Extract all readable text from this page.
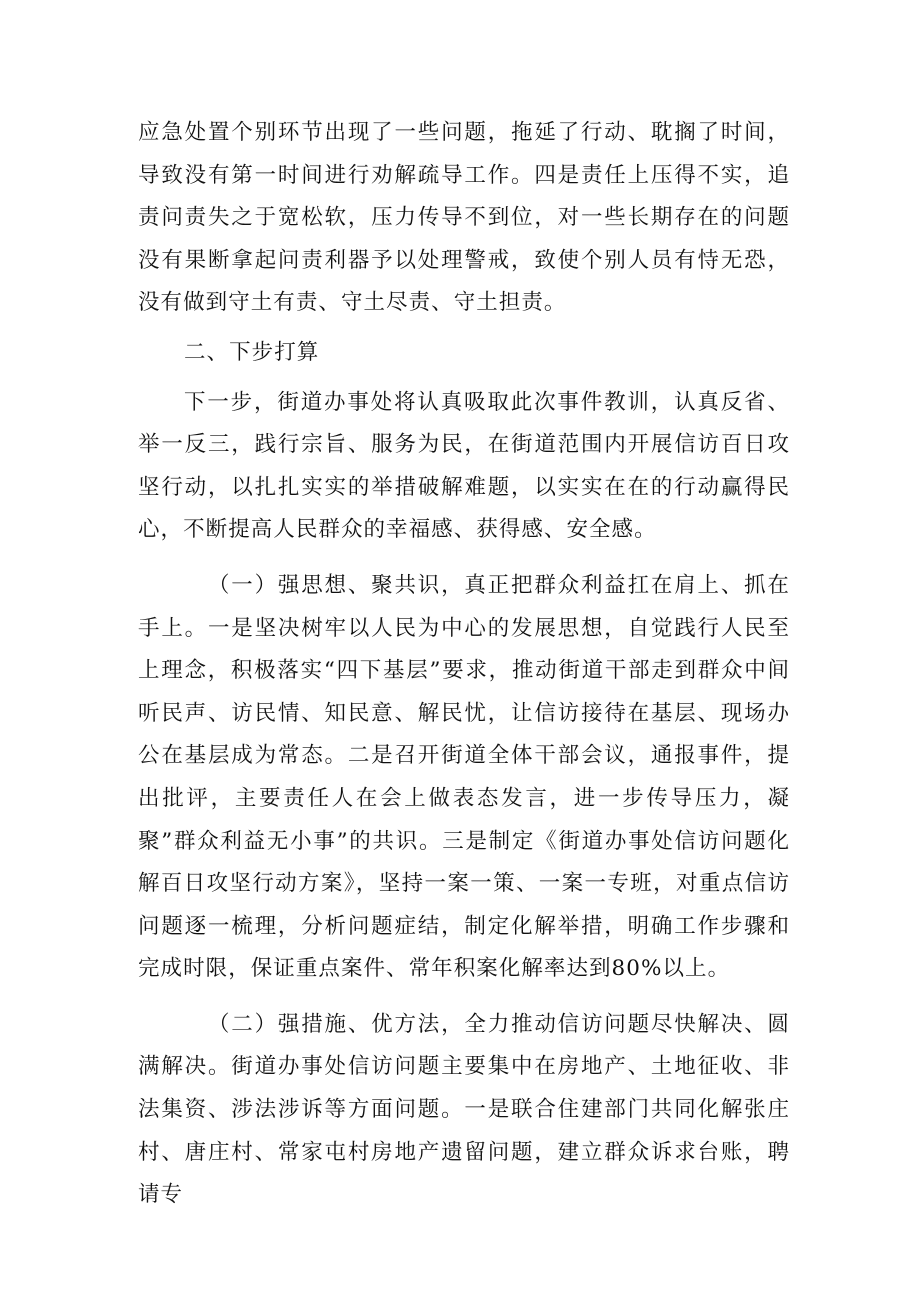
应急处置个别环节出现了一些问题，拖延了行动、耽搁了时间，导致没有第一时间进行劝解疏导工作。四是责任上压得不实，追责问责失之于宽松软，压力传导不到位，对一些长期存在的问题没有果断拿起问责利器予以处理警戒，致使个别人员有恃无恐，没有做到守土有责、守土尽责、守土担责。

二、下步打算

下一步，街道办事处将认真吸取此次事件教训，认真反省、举一反三，践行宗旨、服务为民，在街道范围内开展信访百日攻坚行动，以扎扎实实的举措破解难题，以实实在在的行动赢得民心，不断提高人民群众的幸福感、获得感、安全感。

（一）强思想、聚共识，真正把群众利益扛在肩上、抓在手上。一是坚决树牢以人民为中心的发展思想，自觉践行人民至上理念，积极落实“四下基层”要求，推动街道干部走到群众中间听民声、访民情、知民意、解民忧，让信访接待在基层、现场办公在基层成为常态。二是召开街道全体干部会议，通报事件，提出批评，主要责任人在会上做表态发言，进一步传导压力，凝聚”群众利益无小事”的共识。三是制定《街道办事处信访问题化解百日攻坚行动方案》，坚持一案一策、一案一专班，对重点信访问题逐一梳理，分析问题症结，制定化解举措，明确工作步骤和完成时限，保证重点案件、常年积案化解率达到80%以上。

（二）强措施、优方法，全力推动信访问题尽快解决、圆满解决。街道办事处信访问题主要集中在房地产、土地征收、非法集资、涉法涉诉等方面问题。一是联合住建部门共同化解张庄村、唐庄村、常家屯村房地产遗留问题，建立群众诉求台账，聘请专
